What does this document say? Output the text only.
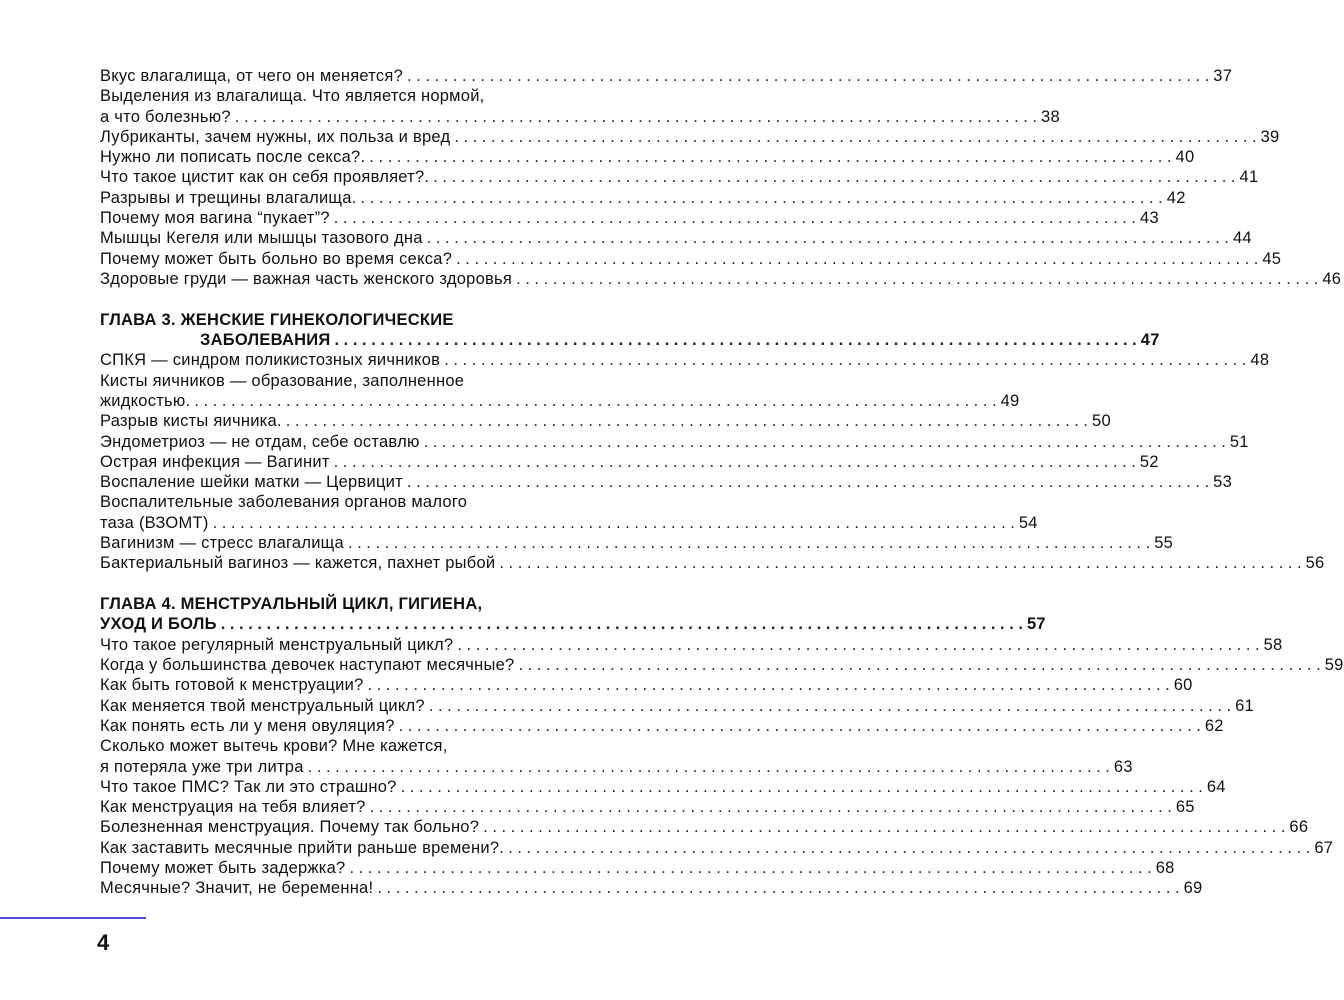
Вкус влагалища, от чего он меняется? . . .	37
Выделения из влагалища. Что является нормой,
а что болезнью? . . .	38
Лубриканты, зачем нужны, их польза и вред . . .	39
Нужно ли пописать после секса?. . . .	40
Что такое цистит как он себя проявляет?. . . .	41
Разрывы и трещины влагалища. . . .	42
Почему моя вагина “пукает”? . . .	43
Мышцы Кегеля или мышцы тазового дна . . .	44
Почему может быть больно во время секса? . . .	45
Здоровые груди — важная часть женского здоровья . . .	46
ГЛАВА 3. ЖЕНСКИЕ ГИНЕКОЛОГИЧЕСКИЕ
ЗАБОЛЕВАНИЯ . . .	47
СПКЯ — синдром поликистозных яичников . . .	48
Кисты яичников — образование, заполненное
жидкостью. . . .	49
Разрыв кисты яичника. . . .	50
Эндометриоз — не отдам, себе оставлю . . .	51
Острая инфекция — Вагинит . . .	52
Воспаление шейки матки — Цервицит . . .	53
Воспалительные заболевания органов малого
таза (ВЗОМТ) . . .	54
Вагинизм — стресс влагалища . . .	55
Бактериальный вагиноз — кажется, пахнет рыбой . . .	56
ГЛАВА 4. МЕНСТРУАЛЬНЫЙ ЦИКЛ, ГИГИЕНА,
УХОД И БОЛЬ . . .	57
Что такое регулярный менструальный цикл? . . .	58
Когда у большинства девочек наступают месячные? . . .	59
Как быть готовой к менструации? . . .	60
Как меняется твой менструальный цикл? . . .	61
Как понять есть ли у меня овуляция? . . .	62
Сколько может вытечь крови? Мне кажется,
я потеряла уже три литра . . .	63
Что такое ПМС? Так ли это страшно? . . .	64
Как менструация на тебя влияет? . . .	65
Болезненная менструация. Почему так больно? . . .	66
Как заставить месячные прийти раньше времени?. . . .	67
Почему может быть задержка? . . .	68
Месячные? Значит, не беременна! . . .	69
4
